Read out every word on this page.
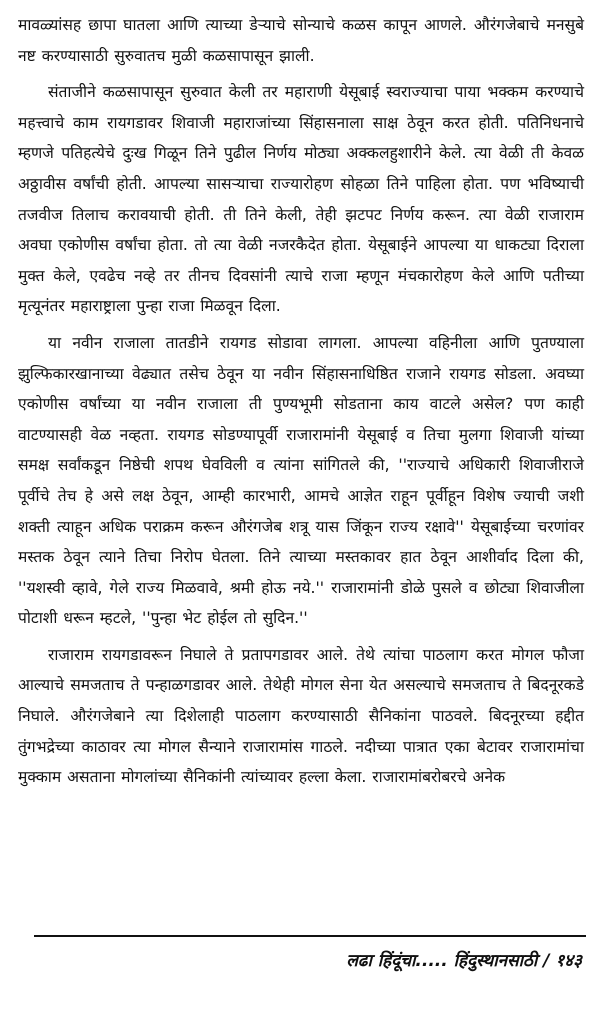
मावळ्यांसह छापा घातला आणि त्याच्या डेऱ्याचे सोन्याचे कळस कापून आणले. औरंगजेबाचे मनसुबे नष्ट करण्यासाठी सुरुवातच मुळी कळसापासून झाली.

संताजीने कळसापासून सुरुवात केली तर महाराणी येसूबाई स्वराज्याचा पाया भक्कम करण्याचे महत्त्वाचे काम रायगडावर शिवाजी महाराजांच्या सिंहासनाला साक्ष ठेवून करत होती. पतिनिधनाचे म्हणजे पतिहत्येचे दुःख गिळून तिने पुढील निर्णय मोठ्या अक्कलहुशारीने केले. त्या वेळी ती केवळ अठ्ठावीस वर्षांची होती. आपल्या सासऱ्याचा राज्यारोहण सोहळा तिने पाहिला होता. पण भविष्याची तजवीज तिलाच करावयाची होती. ती तिने केली, तेही झटपट निर्णय करून. त्या वेळी राजाराम अवघा एकोणीस वर्षांचा होता. तो त्या वेळी नजरकैदेत होता. येसूबाईने आपल्या या धाकट्या दिराला मुक्त केले, एवढेच नव्हे तर तीनच दिवसांनी त्याचे राजा म्हणून मंचकारोहण केले आणि पतीच्या मृत्यूनंतर महाराष्ट्राला पुन्हा राजा मिळवून दिला.

या नवीन राजाला तातडीने रायगड सोडावा लागला. आपल्या वहिनीला आणि पुतण्याला झुल्फिकारखानाच्या वेढ्यात तसेच ठेवून या नवीन सिंहासनाधिष्ठित राजाने रायगड सोडला. अवघ्या एकोणीस वर्षांच्या या नवीन राजाला ती पुण्यभूमी सोडताना काय वाटले असेल? पण काही वाटण्यासही वेळ नव्हता. रायगड सोडण्यापूर्वी राजारामांनी येसूबाई व तिचा मुलगा शिवाजी यांच्या समक्ष सर्वांकडून निष्ठेची शपथ घेवविली व त्यांना सांगितले की, ''राज्याचे अधिकारी शिवाजीराजे पूर्वीचे तेच हे असे लक्ष ठेवून, आम्ही कारभारी, आमचे आज्ञेत राहून पूर्वीहून विशेष ज्याची जशी शक्ती त्याहून अधिक पराक्रम करून औरंगजेब शत्रू यास जिंकून राज्य रक्षावे'' येसूबाईच्या चरणांवर मस्तक ठेवून त्याने तिचा निरोप घेतला. तिने त्याच्या मस्तकावर हात ठेवून आशीर्वाद दिला की, ''यशस्वी व्हावे, गेले राज्य मिळवावे, श्रमी होऊ नये.'' राजारामांनी डोळे पुसले व छोट्या शिवाजीला पोटाशी धरून म्हटले, ''पुन्हा भेट होईल तो सुदिन.''

राजाराम रायगडावरून निघाले ते प्रतापगडावर आले. तेथे त्यांचा पाठलाग करत मोगल फौजा आल्याचे समजताच ते पन्हाळगडावर आले. तेथेही मोगल सेना येत असल्याचे समजताच ते बिदनूरकडे निघाले. औरंगजेबाने त्या दिशेलाही पाठलाग करण्यासाठी सैनिकांना पाठवले. बिदनूरच्या हद्दीत तुंगभद्रेच्या काठावर त्या मोगल सैन्याने राजारामांस गाठले. नदीच्या पात्रात एका बेटावर राजारामांचा मुक्काम असताना मोगलांच्या सैनिकांनी त्यांच्यावर हल्ला केला. राजारामांबरोबरचे अनेक

लढा हिंदूंचा..... हिंदुस्थानसाठी / १४३
